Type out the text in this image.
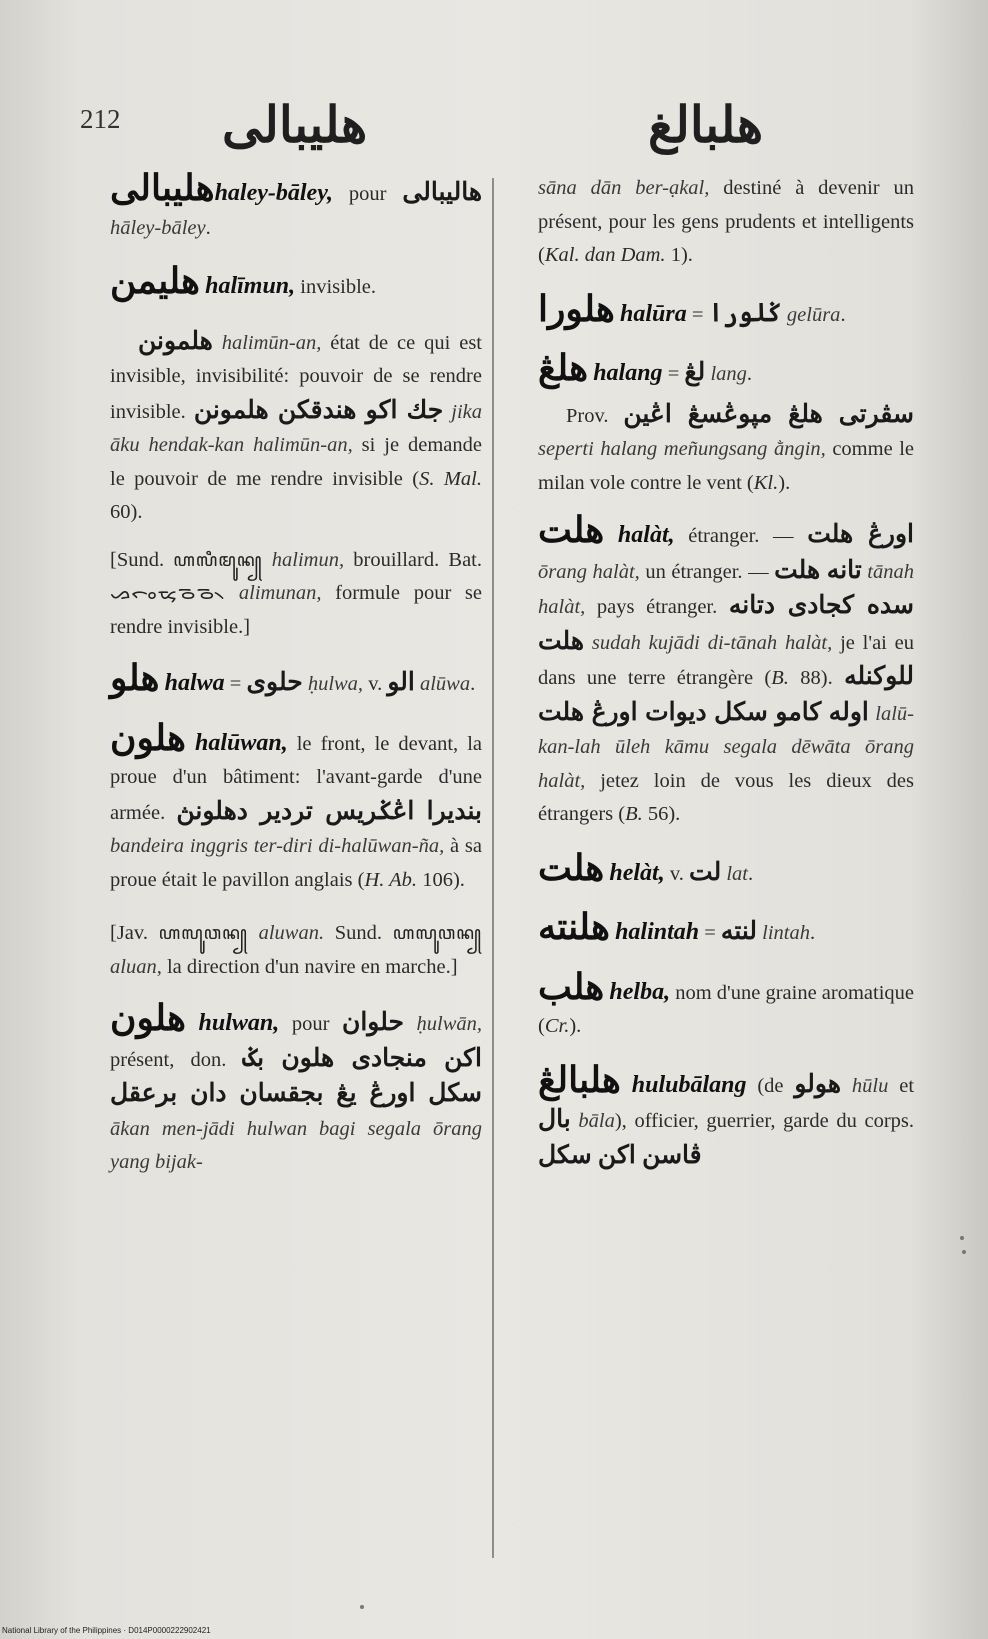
212 هليبالى	هلبالغ

هليبالىhaley-bāley, pour هاليبالى hāley-bāley.

هليمن halīmun, invisible.

هلمونن halimūn-an, état de ce qui est invisible, invisibilité: pouvoir de se rendre invisible. جك اكو هندقكن هلمونن jika āku hendak-kan halimūn-an, si je demande le pouvoir de me rendre invisible (S. Mal. 60).

[Sund. ꦲꦭꦶꦩꦸꦤ꧀ halimun, brouillard. Bat. ᯀᯞᯪᯔᯮᯉᯉ᯲ alimunan, formule pour se rendre invisible.]

هلو halwa = حلوى ḥulwa, v. الو alūwa.

هلون halūwan, le front, le devant, la proue d'un bâtiment: l'avant-garde d'une armée. بنديرا اڠݢريس تردير دهلونڽ bandeira inggris ter-diri di-halūwan-ña, à sa proue était le pavillon anglais (H. Ab. 106).

[Jav. ꦲꦭꦸꦮꦤ꧀ aluwan. Sund. ꦲꦭꦸꦮꦤ꧀ aluan, la direction d'un navire en marche.]

هلون hulwan, pour حلوان ḥulwān, présent, don. اكن منجادى هلون بݢ سکل اورڠ يڠ بجقسان دان برعقل ākan men-jādi hulwan bagi segala ōrang yang bijak-

sāna dān ber-ạkal, destiné à devenir un présent, pour les gens prudents et intelligents (Kal. dan Dam. 1).

هلورا halūra = ݢلورا gelūra.

هلڠ halang = لڠ lang.

Prov. سڤرتى هلڠ مڽوڠسڠ اڠين seperti halang meñungsang ằngin, comme le milan vole contre le vent (Kl.).

هلت halàt, étranger. — اورڠ هلت ōrang halàt, un étranger. — تانه هلت tānah halàt, pays étranger. سده کجادى دتانه هلت sudah kujādi di-tānah halàt, je l'ai eu dans une terre étrangère (B. 88). للوکنله اوله کامو سکل ديوات اورڠ هلت lalū-kan-lah ūleh kāmu segala dēwāta ōrang halàt, jetez loin de vous les dieux des étrangers (B. 56).

هلت helàt, v. لت lat.

هلنته halintah = لنته lintah.

هلب helba, nom d'une graine aromatique (Cr.).

هلبالڠ hulubālang (de هولو hūlu et بال bāla), officier, guerrier, garde du corps. ڤاسن اکن سکل

National Library of the Philippines · D014P0000222902421
